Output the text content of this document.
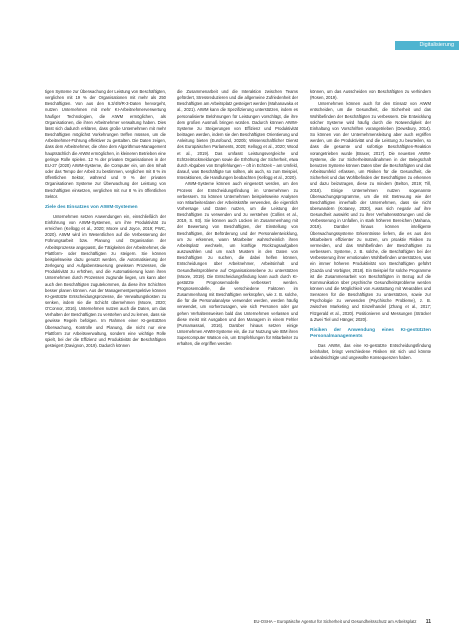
Digitalisierung

tigen Systeme zur Überwachung der Leistung von Beschäftigten, verglichen mit 19 % der Organisationen mit mehr als 250 Beschäftigten. Von aus den 6.3/4/9/R-3-Daten hervorgeht, nutzen Unternehmen mit mehr KI-Arbeitnehmerverwertung häufiger Technologien, die AIWM ermöglichen, als Organisationen, die ihren Arbeitnehmer verwaltung haben. Dies lässt sich dadurch erklären, dass große Unternehmen mit mehr Beschäftigten möglichst Vorkehrungen treffen müssen, um die Arbeitnehmer-Führung effektiver zu gestalten. Die Daten zeigen, dass dem Arbeitnehmer, die ohne dem Algorithmus-Management hauptsächlich die AIWM ermöglichen, in kleineren Betrieben eine geringe Rolle spielen. 12 % der privaten Organisationen in der EU-27 (2020) AIWM-Systeme, die Computer ein, um den Inhalt oder das Tempo der Arbeit zu bestimmen, verglichen mit 8 % im öffentlichen Sektor, während und 9 % der privaten Organisationen Systeme zur Überwachung der Leistung von Beschäftigten einsetzen, verglichen mit nur 8 % im öffentlichen Sektor.

Ziele des Einsatzes von AIWM-Systemen

Unternehmen setzen Anwendungen ein, einschließlich der Einführung von AIWM-Systemen, um ihre Produktivität zu erreichen (Kellogg et al., 2020; Moore und Joyce, 2019; PWC, 2020). AIWM wird im Wesentlichen auf die Verbesserung der Führungsarbeit bzw. Planung und Organisation der Arbeitsprozesse angepasst, die Tätigkeiten der Arbeitnehmer, die Plattform- oder Beschäftigten zu steigern. Sie können beispielsweise dazu genutzt werden, die Automatisierung der Zerlegung und Aufgabensteuerung gewissen Prozessen, die Produktivität zu erhöhen, und die Automatisierung kann ihren Unternehmen durch Prozessen zugrunde liegen, um kann aber auch den Beschäftigten zugutekommen, da diese ihre Schichten besser planen können. Aus der Managementperspektive können KI-gestützte Entscheidungsprozesse, die Verwaltungskosten zu senken, indem sie die Schicht übernehmen (Moore, 2020; O'Connor, 2016). Unternehmen nutzen auch die Daten, um das Verhalten der Beschäftigten zu verstehen und zu lernen, dass sie gewisse Regeln befolgen. Im Rahmen einer KI-gestützten Überwachung, Kontrolle und Planung, die nicht nur eine Plattform zur Arbeitsverwaltung, sondern eine wichtige Rolle spielt, bei der die Effizienz und Produktivität der Beschäftigten gesteigert (Davignon, 2019). Dadurch können

die Zusammenarbeit und die Interaktion zwischen Teams gefördert, Stressreduzieren und die allgemeine Zufriedenheit der Beschäftigten am Arbeitsplatz gesteigert werden (Mahanavaka et al., 2021). AIWM kann die Spezifizierung unterstützen, indem es personalisierte Belohnungen für Leistungen vorschlägt, die ihre dem großen Ausmaß bringen würden. Dadurch können AIWM-Systeme zu Steigerungen von Effizienz und Produktivität beitragen werden, indem sie den Beschäftigten Orientierung und Anleitung bieten (Eurofound, 2020b; Wissenschaftlicher Dienst des Europäischen Parlaments, 2020; Kellogg et al., 2020; Wood et al., 2019). Das umfasst Leistungsvergleiche und Echtzeitrückmeldungen sowie die Erhöhung der Sicherheit, etwa durch Abgaben von Empfehlungen – oft in Echtzeit – am Umfeld, darauf, was Beschäftigte tun sollten, als auch, so zum Beispiel, Interaktionen, die Handlungen beobachten (Kellogg et al., 2020).

AIWM-Systeme können auch eingesetzt werden, um den Prozess der Entscheidungsfindung im Unternehmen zu verbessern. So können Unternehmen beispielsweise Analysen von Mitarbeiterdaten der Arbeitskräfte verwenden, die eigentlich Vorhersage und Daten nutzen, um die Leistung der Beschäftigten zu verwenden und zu verstehen (Collins et al., 2019, S. 93). Sie können auch Lücken im Zusammenhang mit der Bewertung von Beschäftigten, der Einstellung von Beschäftigten, der Beförderung und der Personalentwicklung, um zu erkennen, wann Mitarbeiter wahrscheinlich ihren Arbeitsplatz wechseln, um künftige Rückzugsaufgaben auszuwählen und um nach Mustern in den Daten von Beschäftigten zu suchen, die dabei helfen können, Entscheidungen über Arbeitnehmer, Arbeitsinhalt und Gesundheitsprobleme auf Organisationsebene zu unterstützen (Moore, 2019). Die Entscheidungsfindung kann auch durch KI-gestützte Prognosemodelle verbessert werden. Prognosemodelle, die verschiedene Faktoren im Zusammenhang mit Beschäftigten verknüpfen, wie z. B. solche, die für die Personalanalyse verwendet werden, werden häufig verwendet, um vorherzusagen, wie sich Personen oder gar gehen Verhaltensweisen bald das Unternehmen verlassen und diese meist mit Ausgaben und den Managern in einem Fehler (Purnamassari, 2016). Darüber hinaus setzen einige Unternehmen AIWM-Systeme ein, die zur Nutzung wie IBM ihren Supercomputer Watson ein, um Empfehlungen für Mitarbeiter zu erhalten, die ergriffen werden

können, um das Ausscheiden von Beschäftigten zu verhindern (Rosen, 2019).

Unternehmen können auch für den Einsatz von AIWM entscheiden, um die Gesundheit, die Sicherheit und das Wohlbefinden der Beschäftigten zu verbessern. Die Entwicklung solcher Systeme wird häufig durch die Notwendigkeit der Einhaltung von Vorschriften vorangetrieben (Dewsbury, 2014). So können von der Unternehmensleitung aber auch ergriffen werden, um die Produktivität und die Leistung zu beurteilen, so dass die gesamte und sofortige Beschäftigten-Reaktion vorangetrieben wurde (Braxer, 2017). Die neuesten AIWM-Systeme, die zur Sicherheitsmaßnahmen in der Belegschaft benutzen Systeme können Daten über die Beschäftigten und das Arbeitsumfeld erfassen, um Risiken für die Gesundheit, die Sicherheit und das Wohlbefinden der Beschäftigten zu erkennen und dazu beizutragen, diese zu mindern (Belton, 2019; Till, 2018). Einige Unternehmen nutzen sogenannte Überwachungsprogramme, um die mit Betreuung wie der Beschäftigten innerhalb der Unternehmen, dass sie nicht überwandern (Kotaney, 2020), was sich negativ auf ihre Gesundheit auswirkt und zu ihrer Verhaltensstörungen und die Verbesserung in Unfallen, in stark höheren Bereichen (Mahana, 2019). Darüber hinaus können intelligente Überwachungssysteme Erkenntnisse liefern, die es aus den Mitarbeitern effizienter zu nutzen, um proaktiv Risiken zu vermeiden, und das Wohlbefinden der Beschäftigten zu verbessern. Systeme, z. B. solche, die Beschäftigten bei der Verbesserung ihrer emotionalen Wohlbefinden unterstützen, was ein immer höheren Produktivität von Beschäftigten geführt (Gazda und Vorbigter, 2018). Ein Beispiel für solche Programme ist die Zusammenarbeit von Beschäftigten in Bezug auf die Kommunikation über psychische Gesundheitsprobleme werden können und die Möglichkeit von Ausstattung mit Wearables und Sensoren für die Beschäftigten zu unterstützen, sowie zur Psychologie zu verwenden (Psychische Probleme), z. B. zwischen Marketing und Einzelhandel (Zhang et al., 2017; Fitzgerald et al., 2020). Positionieren und Messungen (Sträcker & Zwei Tiel und Hänger, 2020).

Risiken der Anwendung eines KI-gestützten Personalmanagements

Das AIWM, das eine KI-gestützte Entscheidungsfindung beinhaltet, bringt verschiedene Risiken mit sich und könnte unbeabsichtigte und ungewollte Konsequenzen haben.

EU-OSHA – Europäische Agentur für Sicherheit und Gesundheitsschutz am Arbeitsplatz 11
